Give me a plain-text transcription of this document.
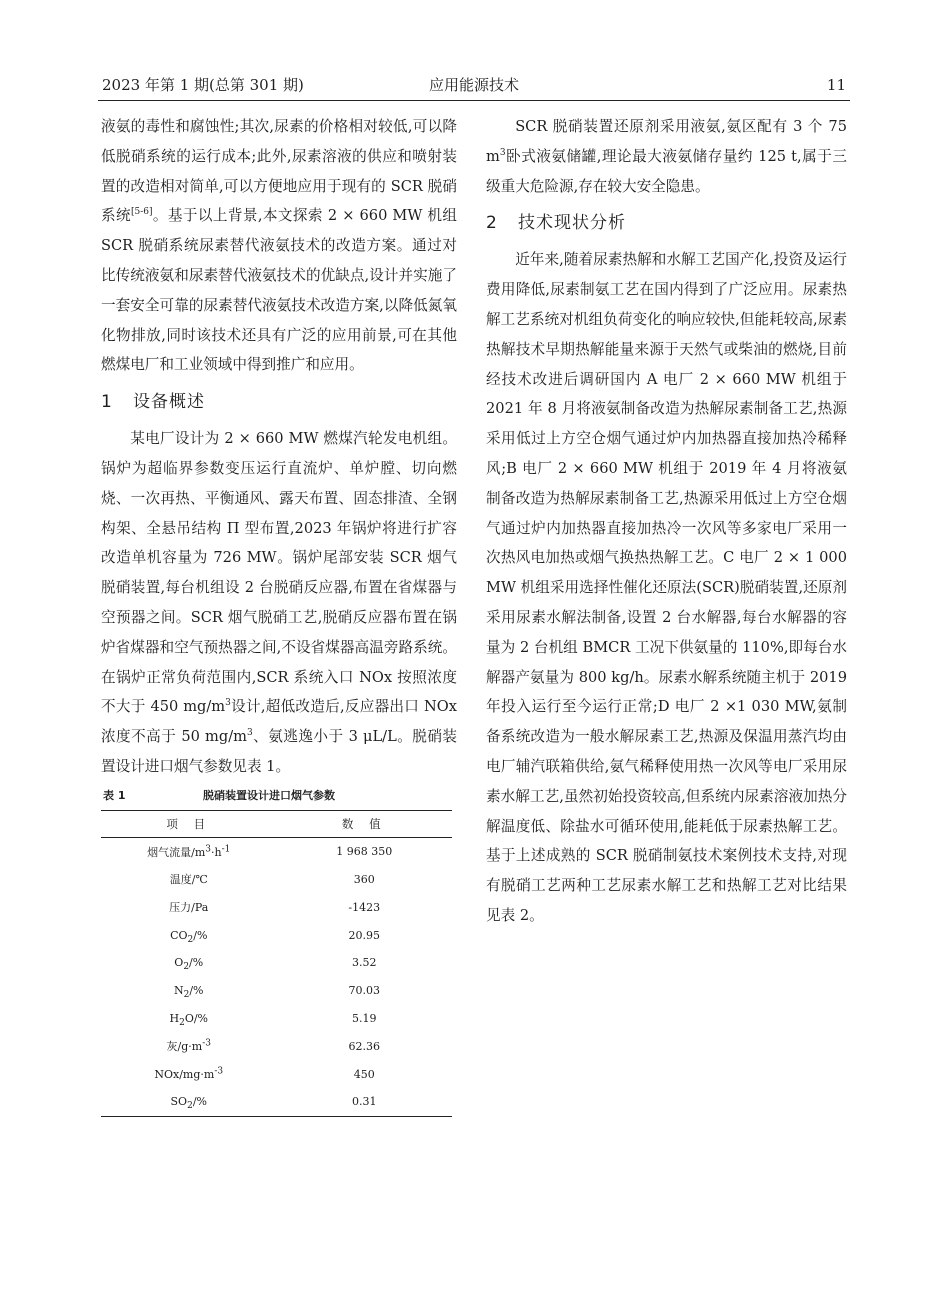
2023 年第 1 期(总第 301 期)	应用能源技术	11

液氨的毒性和腐蚀性;其次,尿素的价格相对较低,可以降低脱硝系统的运行成本;此外,尿素溶液的供应和喷射装置的改造相对简单,可以方便地应用于现有的 SCR 脱硝系统[5-6]。基于以上背景,本文探索 2 × 660 MW 机组 SCR 脱硝系统尿素替代液氨技术的改造方案。通过对比传统液氨和尿素替代液氨技术的优缺点,设计并实施了一套安全可靠的尿素替代液氨技术改造方案,以降低氮氧化物排放,同时该技术还具有广泛的应用前景,可在其他燃煤电厂和工业领域中得到推广和应用。

1 设备概述

某电厂设计为 2 × 660 MW 燃煤汽轮发电机组。锅炉为超临界参数变压运行直流炉、单炉膛、切向燃烧、一次再热、平衡通风、露天布置、固态排渣、全钢构架、全悬吊结构 Π 型布置,2023 年锅炉将进行扩容改造单机容量为 726 MW。锅炉尾部安装 SCR 烟气脱硝装置,每台机组设 2 台脱硝反应器,布置在省煤器与空预器之间。SCR 烟气脱硝工艺,脱硝反应器布置在锅炉省煤器和空气预热器之间,不设省煤器高温旁路系统。在锅炉正常负荷范围内,SCR 系统入口 NOx 按照浓度不大于 450 $mg/m^3$设计,超低改造后,反应器出口 NOx 浓度不高于 50 $mg/m^3$、氨逃逸小于 3 μL/L。脱硝装置设计进口烟气参数见表 1。

表 1	脱硝装置设计进口烟气参数
项 目	数 值
烟气流量$/m^3\cdot h^{-1}$	1 968 350
温度/℃	360
压力/Pa	-1423
$CO_2/\%$	20.95
$O_2/\%$	3.52
$N_2/\%$	70.03
$H_2O/\%$	5.19
灰$/g\cdot m^{-3}$	62.36
NOx/$mg\cdot m^{-3}$	450
$SO_2/\%$	0.31

SCR 脱硝装置还原剂采用液氨,氨区配有 3 个 75 $m^3$卧式液氨储罐,理论最大液氨储存量约 125 t,属于三级重大危险源,存在较大安全隐患。

2 技术现状分析

近年来,随着尿素热解和水解工艺国产化,投资及运行费用降低,尿素制氨工艺在国内得到了广泛应用。尿素热解工艺系统对机组负荷变化的响应较快,但能耗较高,尿素热解技术早期热解能量来源于天然气或柴油的燃烧,目前经技术改进后调研国内 A 电厂 2 × 660 MW 机组于 2021 年 8 月将液氨制备改造为热解尿素制备工艺,热源采用低过上方空仓烟气通过炉内加热器直接加热冷稀释风;B 电厂 2 × 660 MW 机组于 2019 年 4 月将液氨制备改造为热解尿素制备工艺,热源采用低过上方空仓烟气通过炉内加热器直接加热冷一次风等多家电厂采用一次热风电加热或烟气换热热解工艺。C 电厂 2 × 1 000 MW 机组采用选择性催化还原法(SCR)脱硝装置,还原剂采用尿素水解法制备,设置 2 台水解器,每台水解器的容量为 2 台机组 BMCR 工况下供氨量的 110%,即每台水解器产氨量为 800 kg/h。尿素水解系统随主机于 2019 年投入运行至今运行正常;D 电厂 2 ×1 030 MW,氨制备系统改造为一般水解尿素工艺,热源及保温用蒸汽均由电厂辅汽联箱供给,氨气稀释使用热一次风等电厂采用尿素水解工艺,虽然初始投资较高,但系统内尿素溶液加热分解温度低、除盐水可循环使用,能耗低于尿素热解工艺。基于上述成熟的 SCR 脱硝制氨技术案例技术支持,对现有脱硝工艺两种工艺尿素水解工艺和热解工艺对比结果见表 2。
